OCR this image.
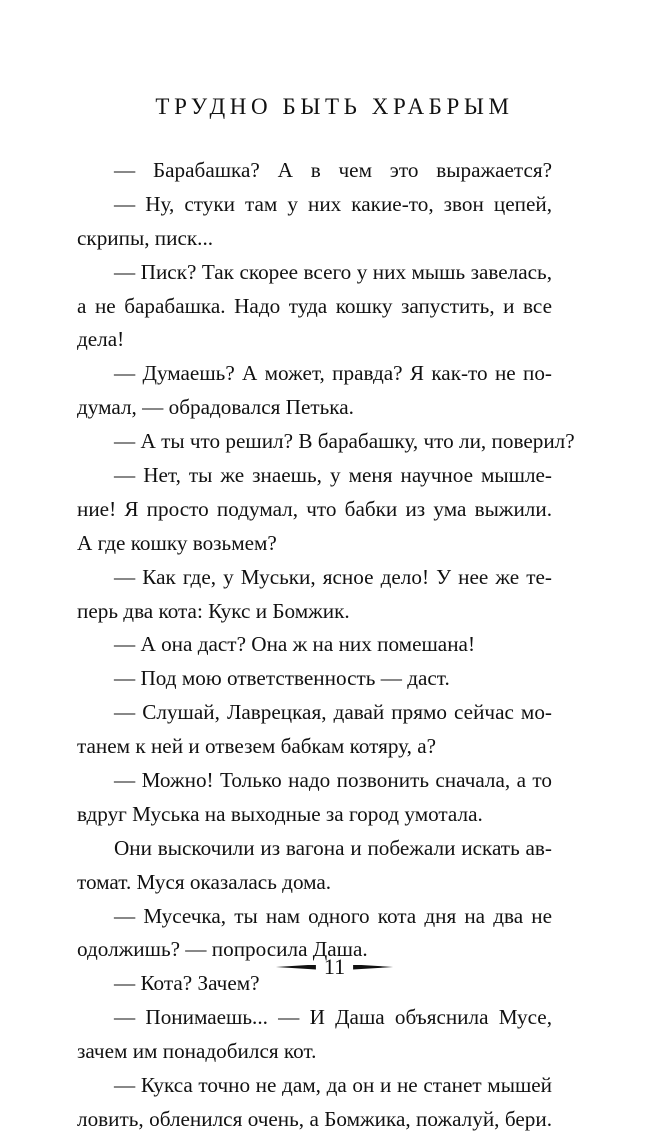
ТРУДНО БЫТЬ ХРАБРЫМ
— Барабашка? А в чем это выражается?
— Ну, стуки там у них какие-то, звон цепей,
скрипы, писк...
— Писк? Так скорее всего у них мышь завелась,
а не барабашка. Надо туда кошку запустить, и все
дела!
— Думаешь? А может, правда? Я как-то не по-
думал, — обрадовался Петька.
— А ты что решил? В барабашку, что ли, поверил?
— Нет, ты же знаешь, у меня научное мышле-
ние! Я просто подумал, что бабки из ума выжили.
А где кошку возьмем?
— Как где, у Муськи, ясное дело! У нее же те-
перь два кота: Кукс и Бомжик.
— А она даст? Она ж на них помешана!
— Под мою ответственность — даст.
— Слушай, Лаврецкая, давай прямо сейчас мо-
танем к ней и отвезем бабкам котяру, а?
— Можно! Только надо позвонить сначала, а то
вдруг Муська на выходные за город умотала.
Они выскочили из вагона и побежали искать ав-
томат. Муся оказалась дома.
— Мусечка, ты нам одного кота дня на два не
одолжишь? — попросила Даша.
— Кота? Зачем?
— Понимаешь... — И Даша объяснила Мусе,
зачем им понадобился кот.
— Кукса точно не дам, да он и не станет мышей
ловить, обленился очень, а Бомжика, пожалуй, бери.
11
